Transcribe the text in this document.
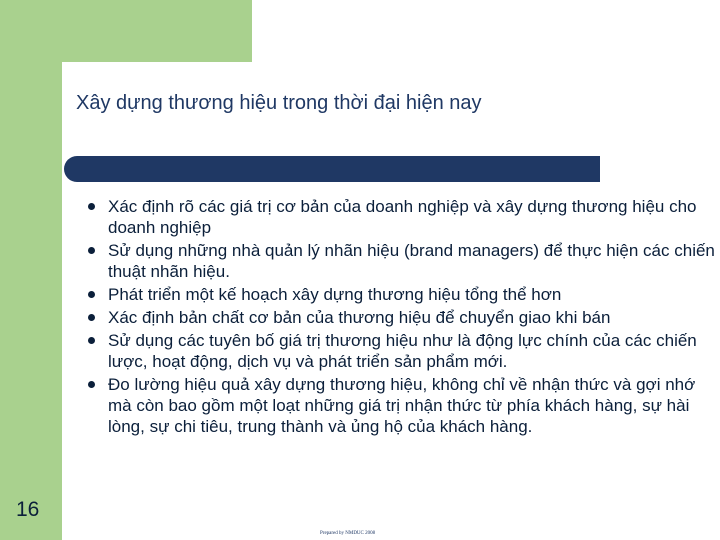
Xây dựng thương hiệu trong thời đại hiện nay
Xác định rõ các giá trị cơ bản của doanh nghiệp và xây dựng thương hiệu cho doanh nghiệp
Sử dụng những nhà quản lý nhãn hiệu (brand managers) để thực hiện các chiến thuật nhãn hiệu.
Phát triển một kế hoạch xây dựng thương hiệu tổng thể hơn
Xác định bản chất cơ bản của thương hiệu để chuyển giao khi bán
Sử dụng các tuyên bố giá trị thương hiệu như là động lực chính của các chiến lược, hoạt động, dịch vụ và phát triển sản phẩm mới.
Đo lường hiệu quả xây dựng thương hiệu, không chỉ về nhận thức và gợi nhớ mà còn bao gồm một loạt những giá trị nhận thức từ phía khách hàng, sự hài lòng, sự chi tiêu, trung thành và ủng hộ của khách hàng.
16
Prepared by NMDUC 2008
